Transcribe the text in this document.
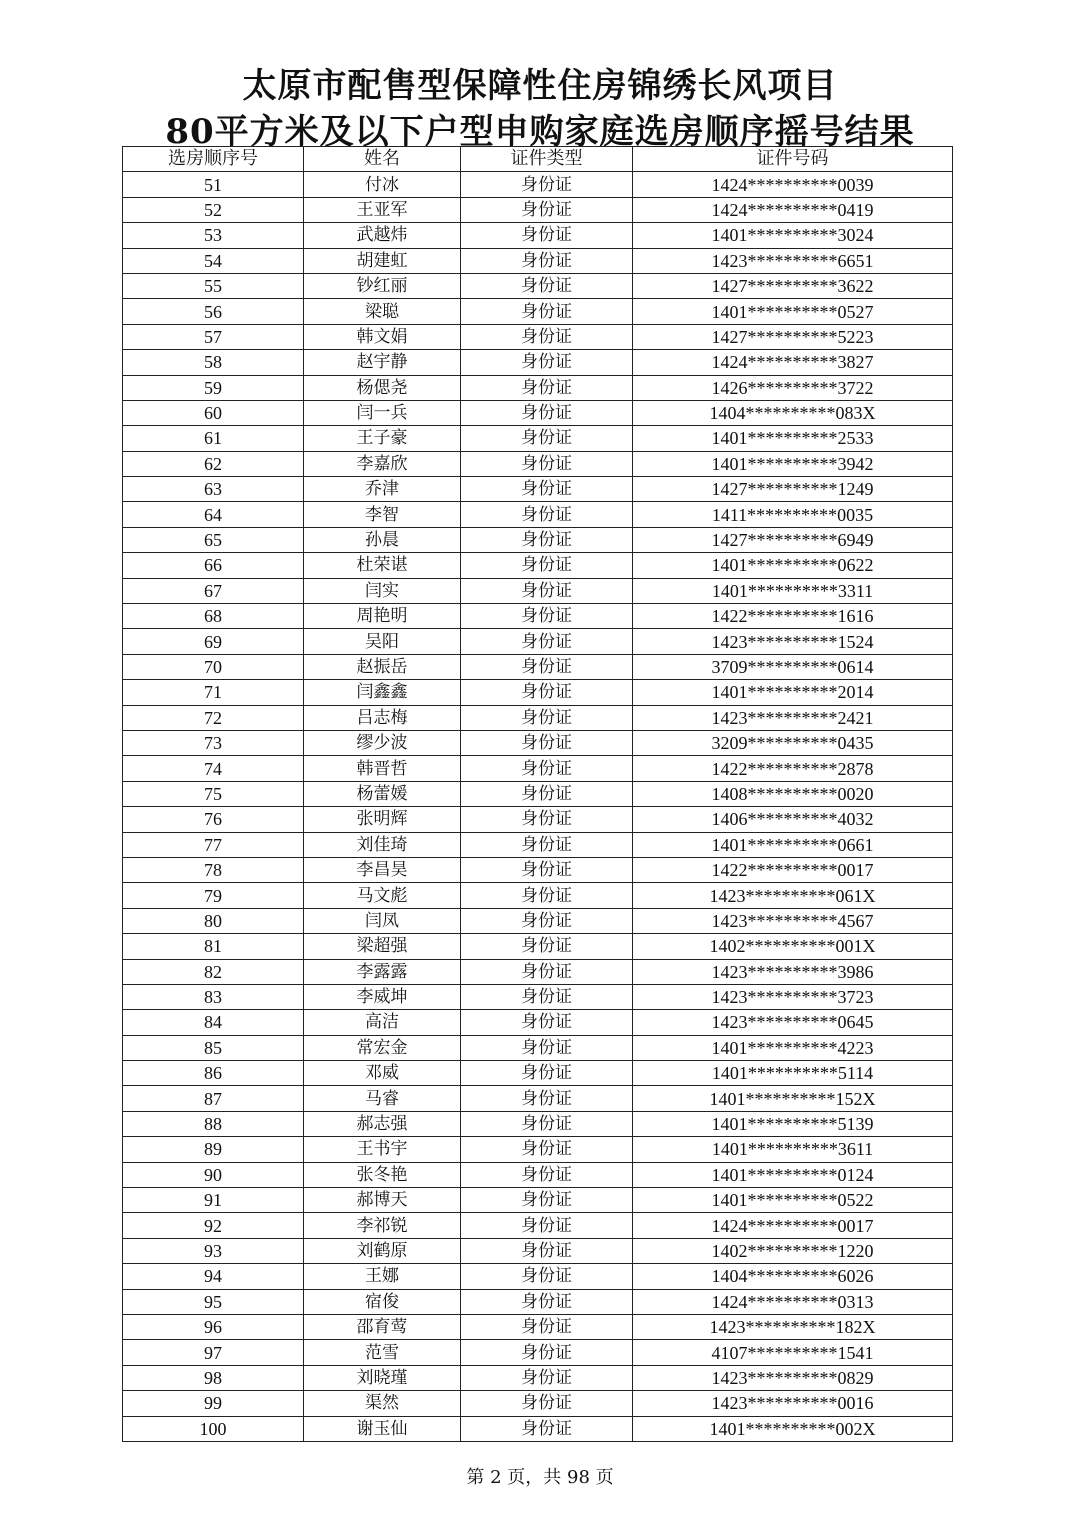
太原市配售型保障性住房锦绣长风项目
80平方米及以下户型申购家庭选房顺序摇号结果
选房顺序号	姓名	证件类型	证件号码
51	付冰	身份证	1424**********0039
52	王亚军	身份证	1424**********0419
53	武越炜	身份证	1401**********3024
54	胡建虹	身份证	1423**********6651
55	钞红丽	身份证	1427**********3622
56	梁聪	身份证	1401**********0527
57	韩文娟	身份证	1427**********5223
58	赵宇静	身份证	1424**********3827
59	杨偲尧	身份证	1426**********3722
60	闫一兵	身份证	1404**********083X
61	王子豪	身份证	1401**********2533
62	李嘉欣	身份证	1401**********3942
63	乔津	身份证	1427**********1249
64	李智	身份证	1411**********0035
65	孙晨	身份证	1427**********6949
66	杜荣谌	身份证	1401**********0622
67	闫实	身份证	1401**********3311
68	周艳明	身份证	1422**********1616
69	吴阳	身份证	1423**********1524
70	赵振岳	身份证	3709**********0614
71	闫鑫鑫	身份证	1401**********2014
72	吕志梅	身份证	1423**********2421
73	缪少波	身份证	3209**********0435
74	韩晋哲	身份证	1422**********2878
75	杨蕾媛	身份证	1408**********0020
76	张明辉	身份证	1406**********4032
77	刘佳琦	身份证	1401**********0661
78	李昌昊	身份证	1422**********0017
79	马文彪	身份证	1423**********061X
80	闫凤	身份证	1423**********4567
81	梁超强	身份证	1402**********001X
82	李露露	身份证	1423**********3986
83	李威坤	身份证	1423**********3723
84	高洁	身份证	1423**********0645
85	常宏金	身份证	1401**********4223
86	邓威	身份证	1401**********5114
87	马睿	身份证	1401**********152X
88	郝志强	身份证	1401**********5139
89	王书宇	身份证	1401**********3611
90	张冬艳	身份证	1401**********0124
91	郝博天	身份证	1401**********0522
92	李祁锐	身份证	1424**********0017
93	刘鹤原	身份证	1402**********1220
94	王娜	身份证	1404**********6026
95	宿俊	身份证	1424**********0313
96	邵育莺	身份证	1423**********182X
97	范雪	身份证	4107**********1541
98	刘晓瑾	身份证	1423**********0829
99	渠然	身份证	1423**********0016
100	谢玉仙	身份证	1401**********002X
第 2 页，共 98 页
